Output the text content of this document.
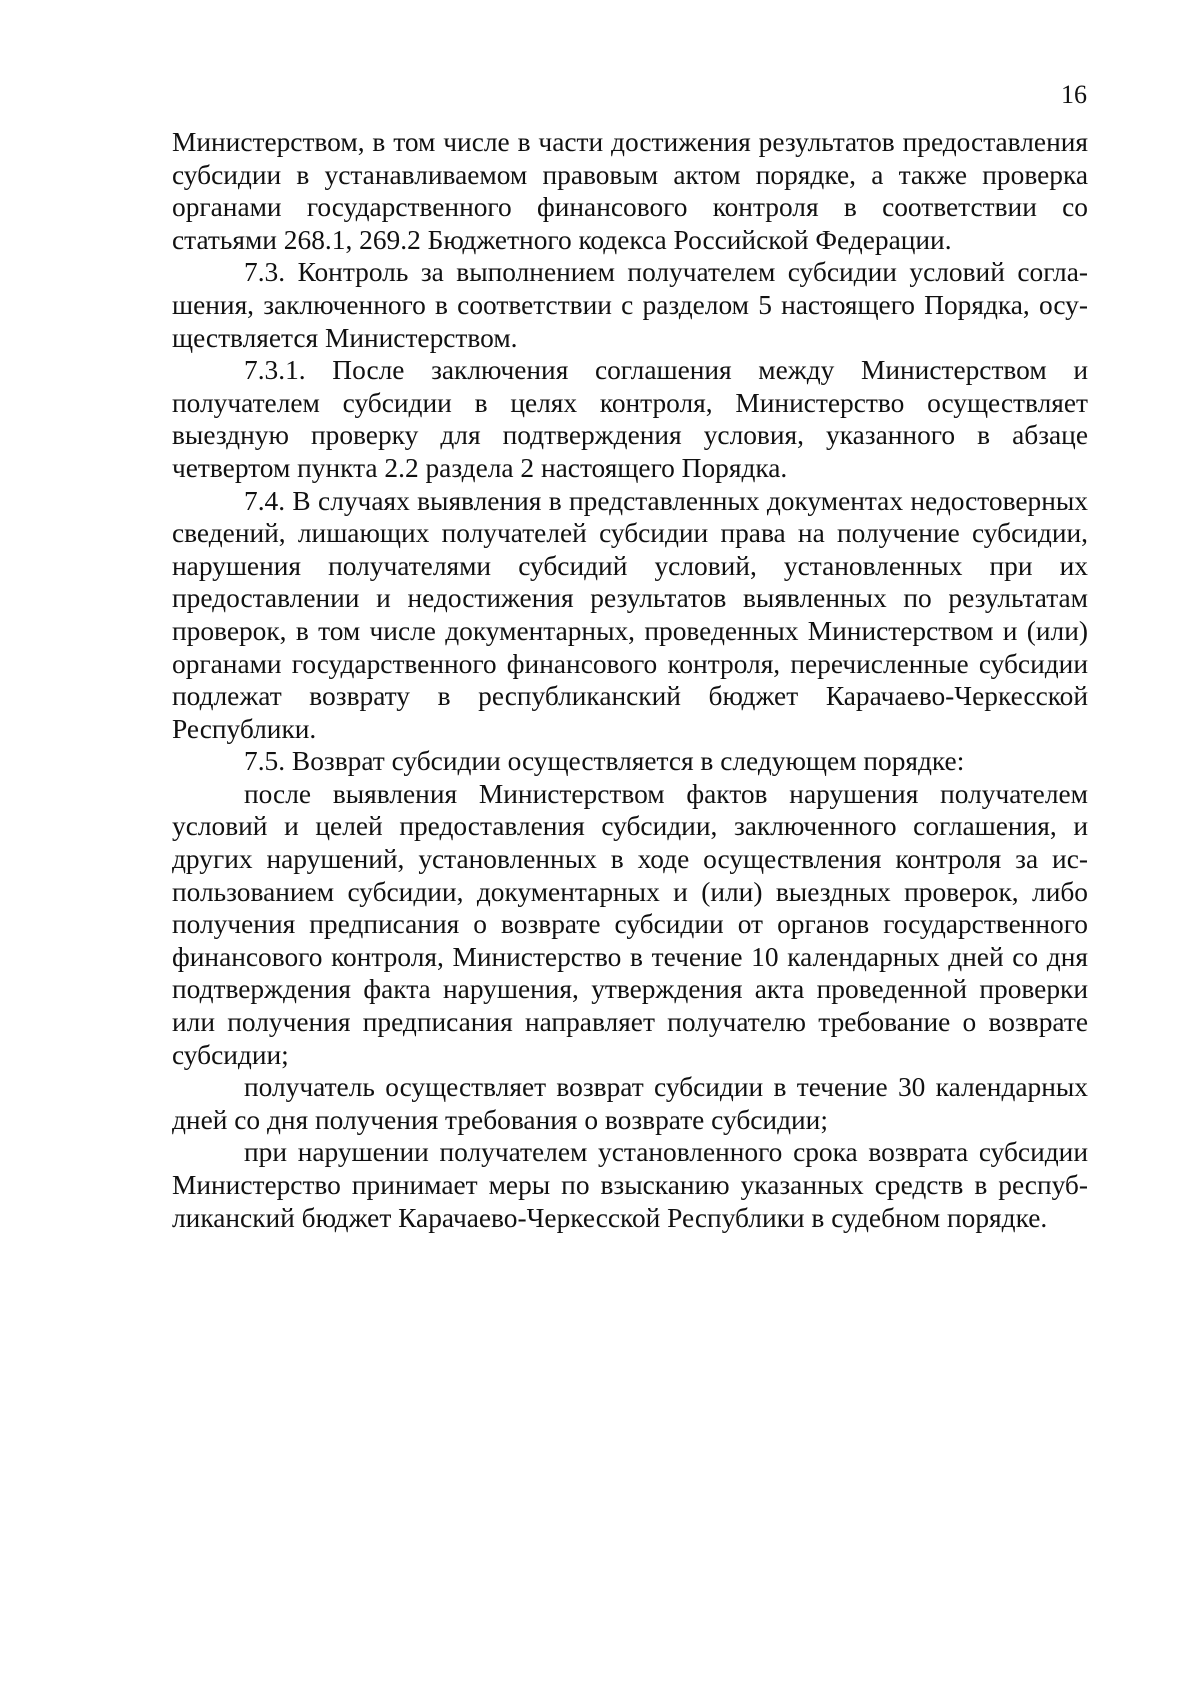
16

Министерством, в том числе в части достижения результатов предоставления субсидии в устанавливаемом правовым актом порядке, а также проверка органами государственного финансового контроля в соответствии со статьями 268.1, 269.2 Бюджетного кодекса Российской Федерации.

7.3. Контроль за выполнением получателем субсидии условий соглашения, заключенного в соответствии с разделом 5 настоящего Порядка, осуществляется Министерством.

7.3.1. После заключения соглашения между Министерством и получателем субсидии в целях контроля, Министерство осуществляет выездную проверку для подтверждения условия, указанного в абзаце четвертом пункта 2.2 раздела 2 настоящего Порядка.

7.4. В случаях выявления в представленных документах недостоверных сведений, лишающих получателей субсидии права на получение субсидии, нарушения получателями субсидий условий, установленных при их предоставлении и недостижения результатов выявленных по результатам проверок, в том числе документарных, проведенных Министерством и (или) органами государственного финансового контроля, перечисленные субсидии подлежат возврату в республиканский бюджет Карачаево-Черкесской Республики.

7.5. Возврат субсидии осуществляется в следующем порядке:

после выявления Министерством фактов нарушения получателем условий и целей предоставления субсидии, заключенного соглашения, и других нарушений, установленных в ходе осуществления контроля за использованием субсидии, документарных и (или) выездных проверок, либо получения предписания о возврате субсидии от органов государственного финансового контроля, Министерство в течение 10 календарных дней со дня подтверждения факта нарушения, утверждения акта проведенной проверки или получения предписания направляет получателю требование о возврате субсидии;

получатель осуществляет возврат субсидии в течение 30 календарных дней со дня получения требования о возврате субсидии;

при нарушении получателем установленного срока возврата субсидии Министерство принимает меры по взысканию указанных средств в республиканский бюджет Карачаево-Черкесской Республики в судебном порядке.
